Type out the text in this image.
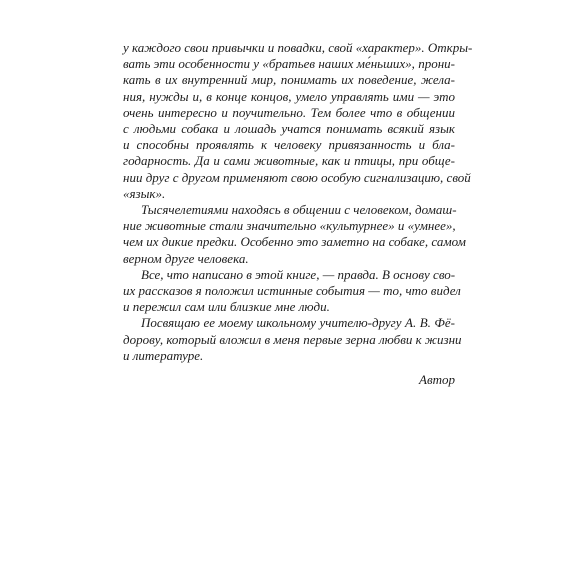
у каждого свои привычки и повадки, свой «характер». Откры-
вать эти особенности у «братьев наших ме́ньших», прони-
кать в их внутренний мир, понимать их поведение, жела-
ния, нужды и, в конце концов, умело управлять ими — это
очень интересно и поучительно. Тем более что в общении
с людьми собака и лошадь учатся понимать всякий язык
и способны проявлять к человеку привязанность и бла-
годарность. Да и сами животные, как и птицы, при обще-
нии друг с другом применяют свою особую сигнализацию, свой
«язык».
Тысячелетиями находясь в общении с человеком, домаш-
ние животные стали значительно «культурнее» и «умнее»,
чем их дикие предки. Особенно это заметно на собаке, самом
верном друге человека.
Все, что написано в этой книге, — правда. В основу сво-
их рассказов я положил истинные события — то, что видел
и пережил сам или близкие мне люди.
Посвящаю ее моему школьному учителю-другу А. В. Фё-
дорову, который вложил в меня первые зерна любви к жизни
и литературе.
Автор
